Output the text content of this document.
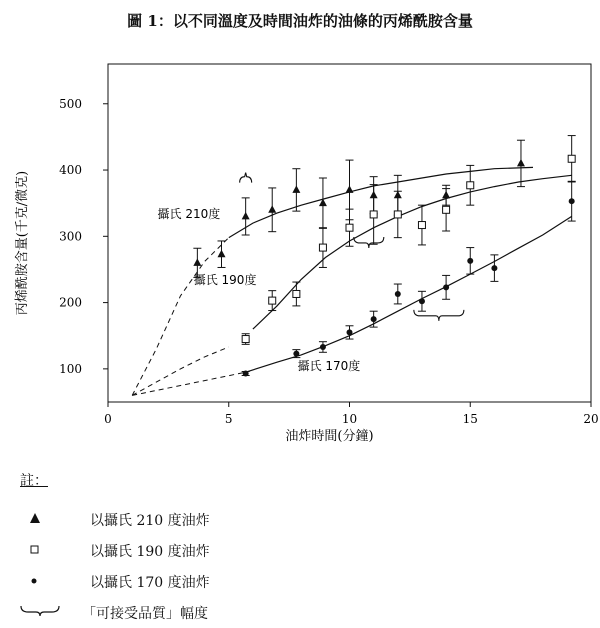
圖 1：以不同溫度及時間油炸的油條的丙烯酰胺含量
0	5	10	15	20
100
200
300
400
500
攝氏 210度
攝氏 190度
攝氏 170度
油炸時間(分鐘)
丙烯酰胺含量(千克/微克)
註：
以攝氏 210 度油炸
以攝氏 190 度油炸
以攝氏 170 度油炸
「可接受品質」幅度
